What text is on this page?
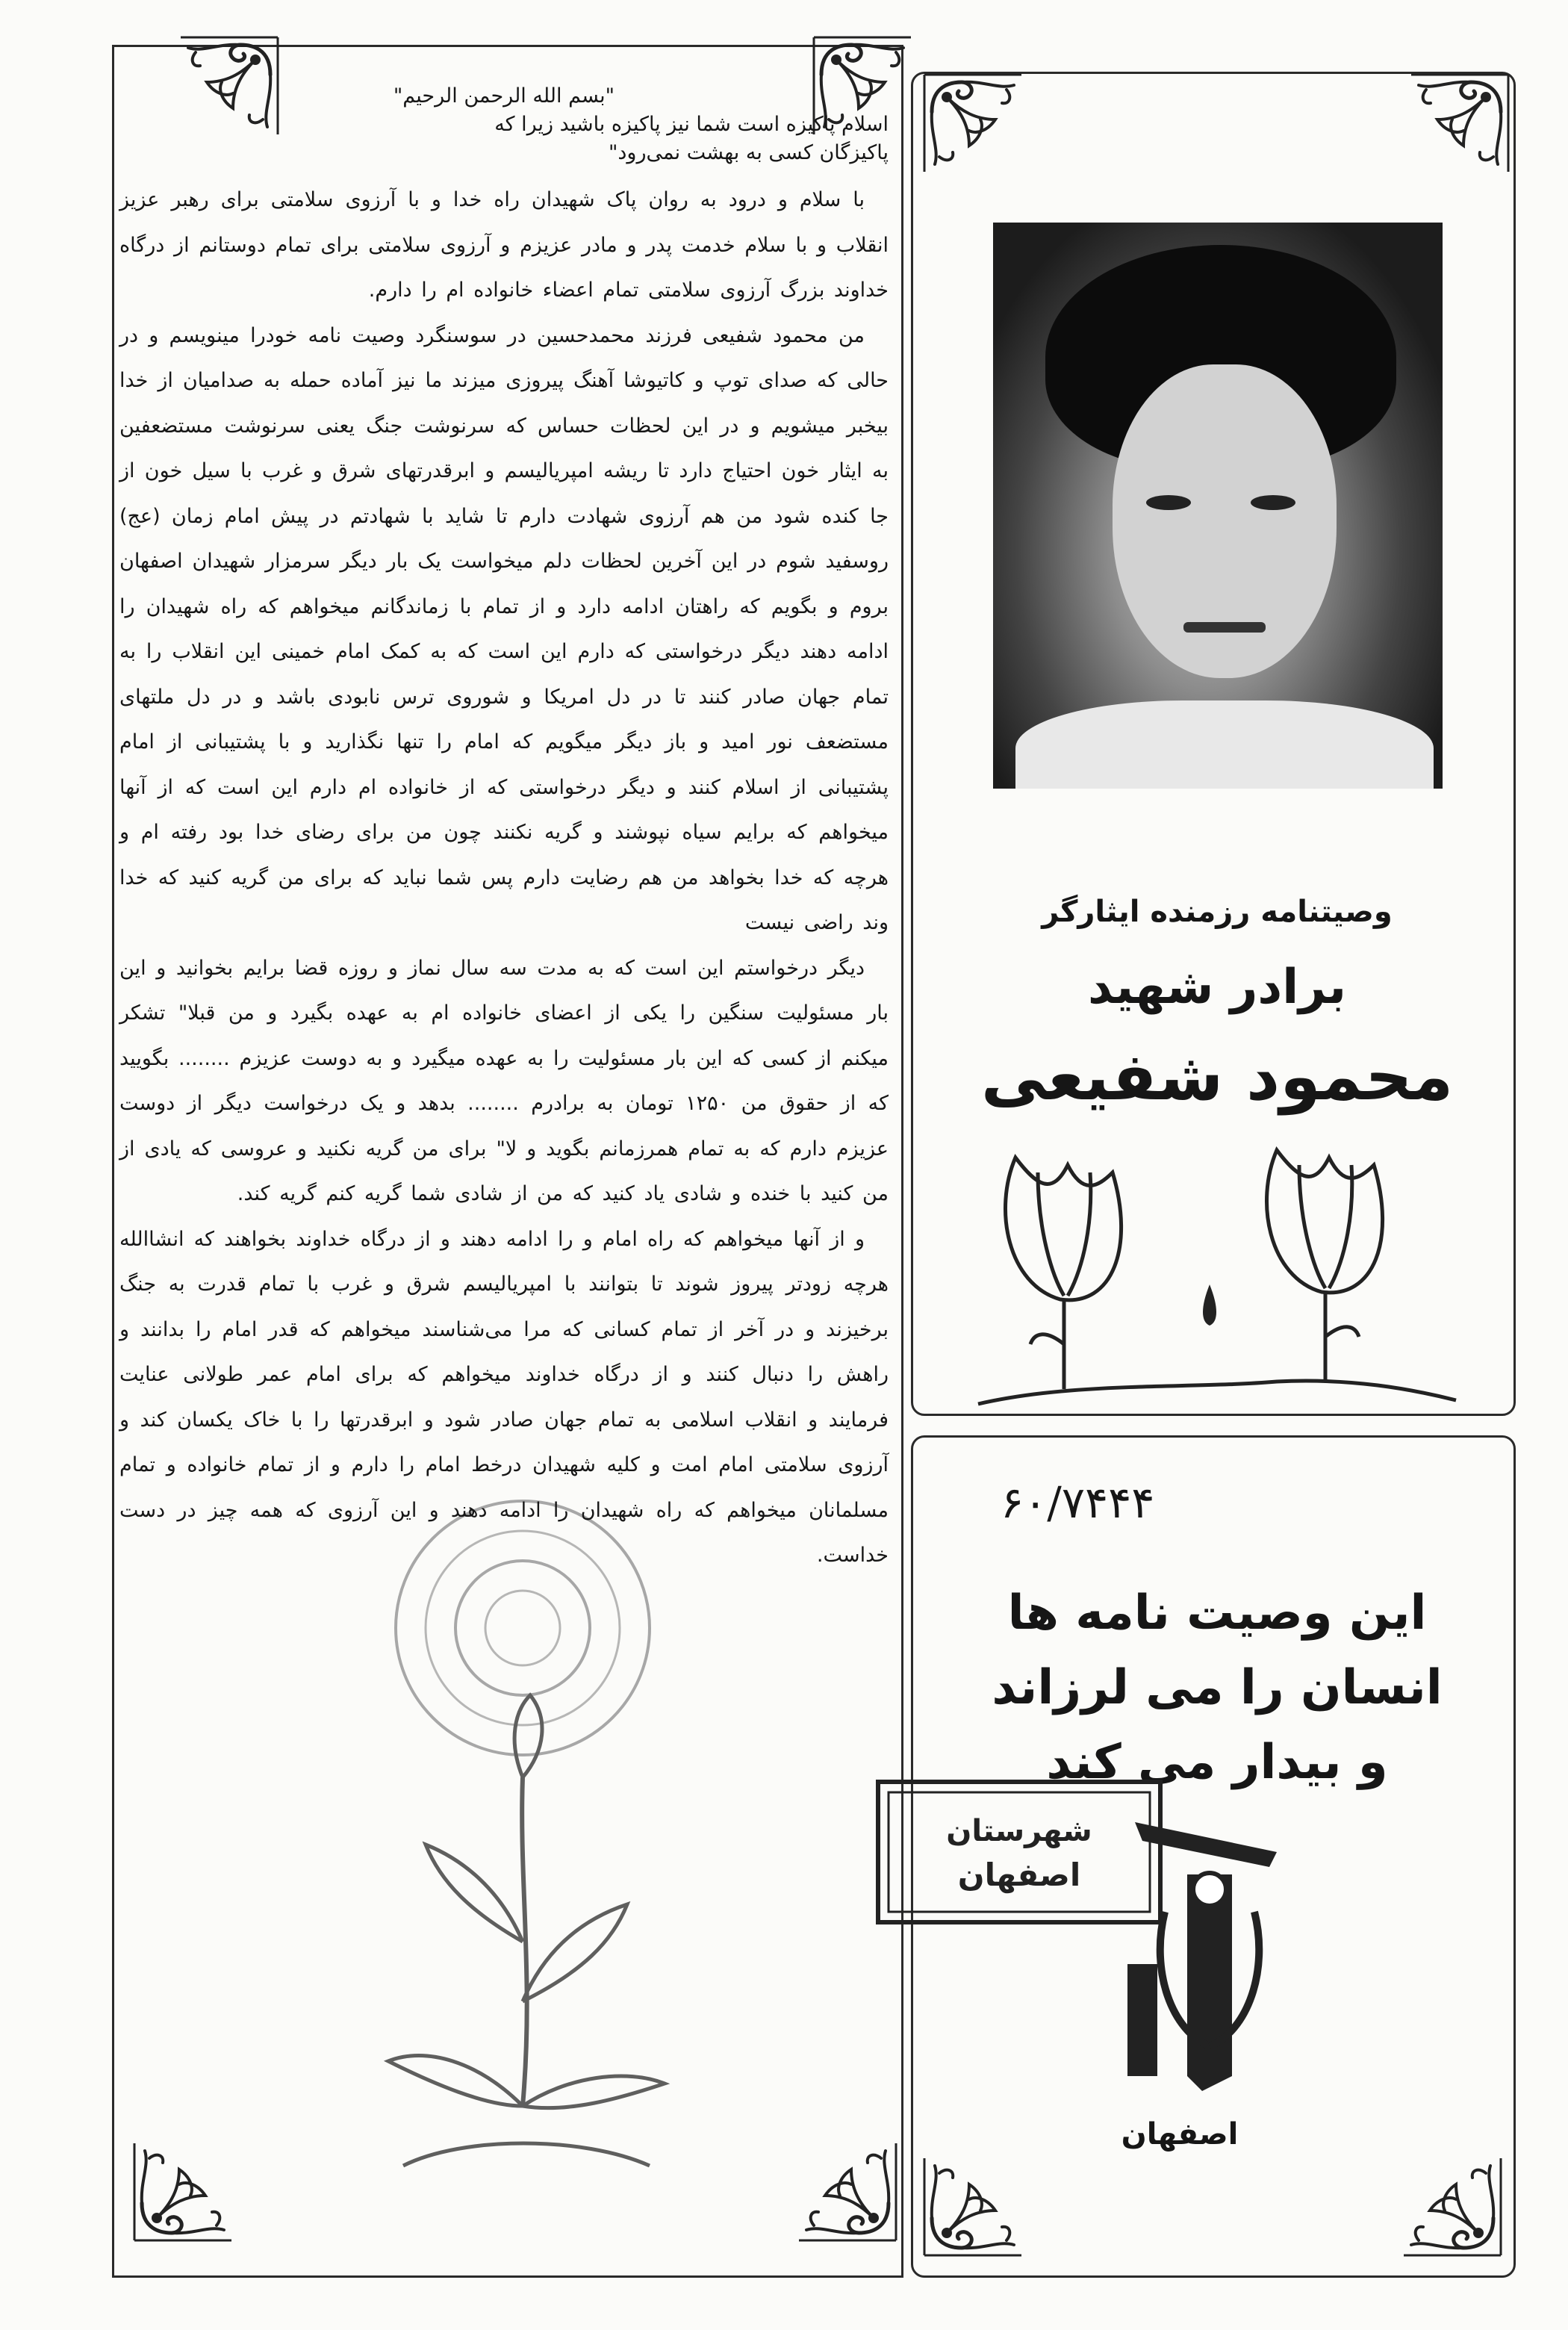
"بسم الله الرحمن الرحیم"

اسلام پاکیزه است شما نیز پاکیزه باشید زیرا که

پاکیزگان کسی به بهشت نمی‌رود"

با سلام و درود به روان پاک شهیدان راه خدا و با آرزوی سلامتی برای رهبر عزیز انقلاب و با سلام خدمت پدر و مادر عزیزم و آرزوی سلامتی برای تمام دوستانم از درگاه خداوند بزرگ آرزوی سلامتی تمام اعضاء خانواده ام را دارم.

من محمود شفیعی فرزند محمدحسین در سوسنگرد وصیت نامه خودرا مینویسم و در حالی که صدای توپ و کاتیوشا آهنگ پیروزی میزند ما نیز آماده حمله به صدامیان از خدا بیخبر میشویم و در این لحظات حساس که سرنوشت جنگ یعنی سرنوشت مستضعفین به ایثار خون احتیاج دارد تا ریشه امپریالیسم و ابرقدرتهای شرق و غرب با سیل خون از جا کنده شود من هم آرزوی شهادت دارم تا شاید با شهادتم در پیش امام زمان (عج) روسفید شوم در این آخرین لحظات دلم میخواست یک بار دیگر سرمزار شهیدان اصفهان بروم و بگویم که راهتان ادامه دارد و از تمام با زماندگانم میخواهم که راه شهیدان را ادامه دهند دیگر درخواستی که دارم این است که به کمک امام خمینی این انقلاب را به تمام جهان صادر کنند تا در دل امریکا و شوروی ترس نابودی باشد و در دل ملتهای مستضعف نور امید و باز دیگر میگویم که امام را تنها نگذارید و با پشتیبانی از امام پشتیبانی از اسلام کنند و دیگر درخواستی که از خانواده ام دارم این است که از آنها میخواهم که برایم سیاه نپوشند و گریه نکنند چون من برای رضای خدا بود رفته ام و هرچه که خدا بخواهد من هم رضایت دارم پس شما نباید که برای من گریه کنید که خدا وند راضی نیست

دیگر درخواستم این است که به مدت سه سال نماز و روزه قضا برایم بخوانید و این بار مسئولیت سنگین را یکی از اعضای خانواده ام به عهده بگیرد و من قبلا" تشکر میکنم از کسی که این بار مسئولیت را به عهده میگیرد و به دوست عزیزم ........ بگویید که از حقوق من ۱۲۵۰ تومان به برادرم ........ بدهد و یک درخواست دیگر از دوست عزیزم دارم که به تمام همرزمانم بگوید و لا" برای من گریه نکنید و عروسی که یادی از من کنید با خنده و شادی یاد کنید که من از شادی شما گریه کنم گریه کند.

و از آنها میخواهم که راه امام و را ادامه دهند و از درگاه خداوند بخواهند که انشاالله هرچه زودتر پیروز شوند تا بتوانند با امپریالیسم شرق و غرب با تمام قدرت به جنگ برخیزند و در آخر از تمام کسانی که مرا می‌شناسند میخواهم که قدر امام را بدانند و راهش را دنبال کنند و از درگاه خداوند میخواهم که برای امام عمر طولانی عنایت فرمایند و انقلاب اسلامی به تمام جهان صادر شود و ابرقدرتها را با خاک یکسان کند و آرزوی سلامتی امام امت و کلیه شهیدان درخط امام را دارم و از تمام خانواده و تمام مسلمانان میخواهم که راه شهیدان را ادامه دهند و این آرزوی که همه چیز در دست خداست.

وصیتنامه رزمنده ایثارگر

برادر شهید

محمود شفیعی

۶۰/۷۴۴۴

این وصیت نامه ها
انسان را می لرزاند
و بیدار می کند

شهرستان
اصفهان

اصفهان
